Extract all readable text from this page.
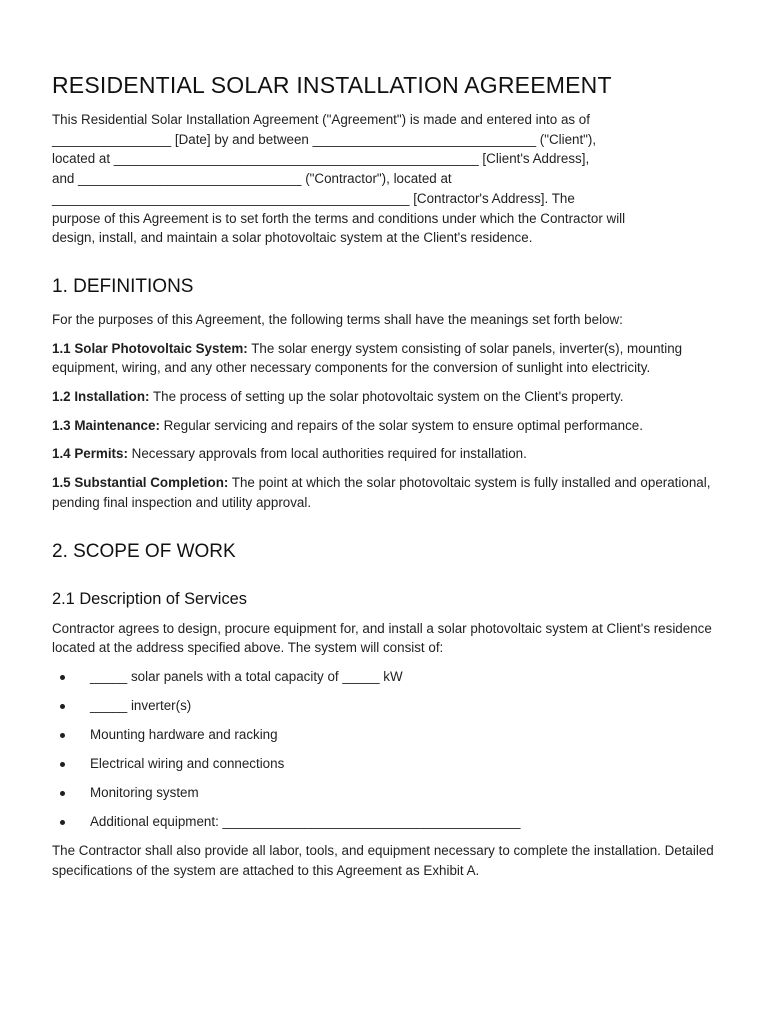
RESIDENTIAL SOLAR INSTALLATION AGREEMENT

This Residential Solar Installation Agreement ("Agreement") is made and entered into as of
________________ [Date] by and between ______________________________ ("Client"),
located at _________________________________________________ [Client's Address],
and ______________________________ ("Contractor"), located at
________________________________________________ [Contractor's Address]. The
purpose of this Agreement is to set forth the terms and conditions under which the Contractor will
design, install, and maintain a solar photovoltaic system at the Client's residence.

1. DEFINITIONS

For the purposes of this Agreement, the following terms shall have the meanings set forth below:

1.1 Solar Photovoltaic System: The solar energy system consisting of solar panels, inverter(s), mounting equipment, wiring, and any other necessary components for the conversion of sunlight into electricity.

1.2 Installation: The process of setting up the solar photovoltaic system on the Client's property.

1.3 Maintenance: Regular servicing and repairs of the solar system to ensure optimal performance.

1.4 Permits: Necessary approvals from local authorities required for installation.

1.5 Substantial Completion: The point at which the solar photovoltaic system is fully installed and operational, pending final inspection and utility approval.

2. SCOPE OF WORK
2.1 Description of Services

Contractor agrees to design, procure equipment for, and install a solar photovoltaic system at Client's residence located at the address specified above. The system will consist of:

_____ solar panels with a total capacity of _____ kW
_____ inverter(s)
Mounting hardware and racking
Electrical wiring and connections
Monitoring system
Additional equipment: ________________________________________

The Contractor shall also provide all labor, tools, and equipment necessary to complete the installation. Detailed specifications of the system are attached to this Agreement as Exhibit A.
